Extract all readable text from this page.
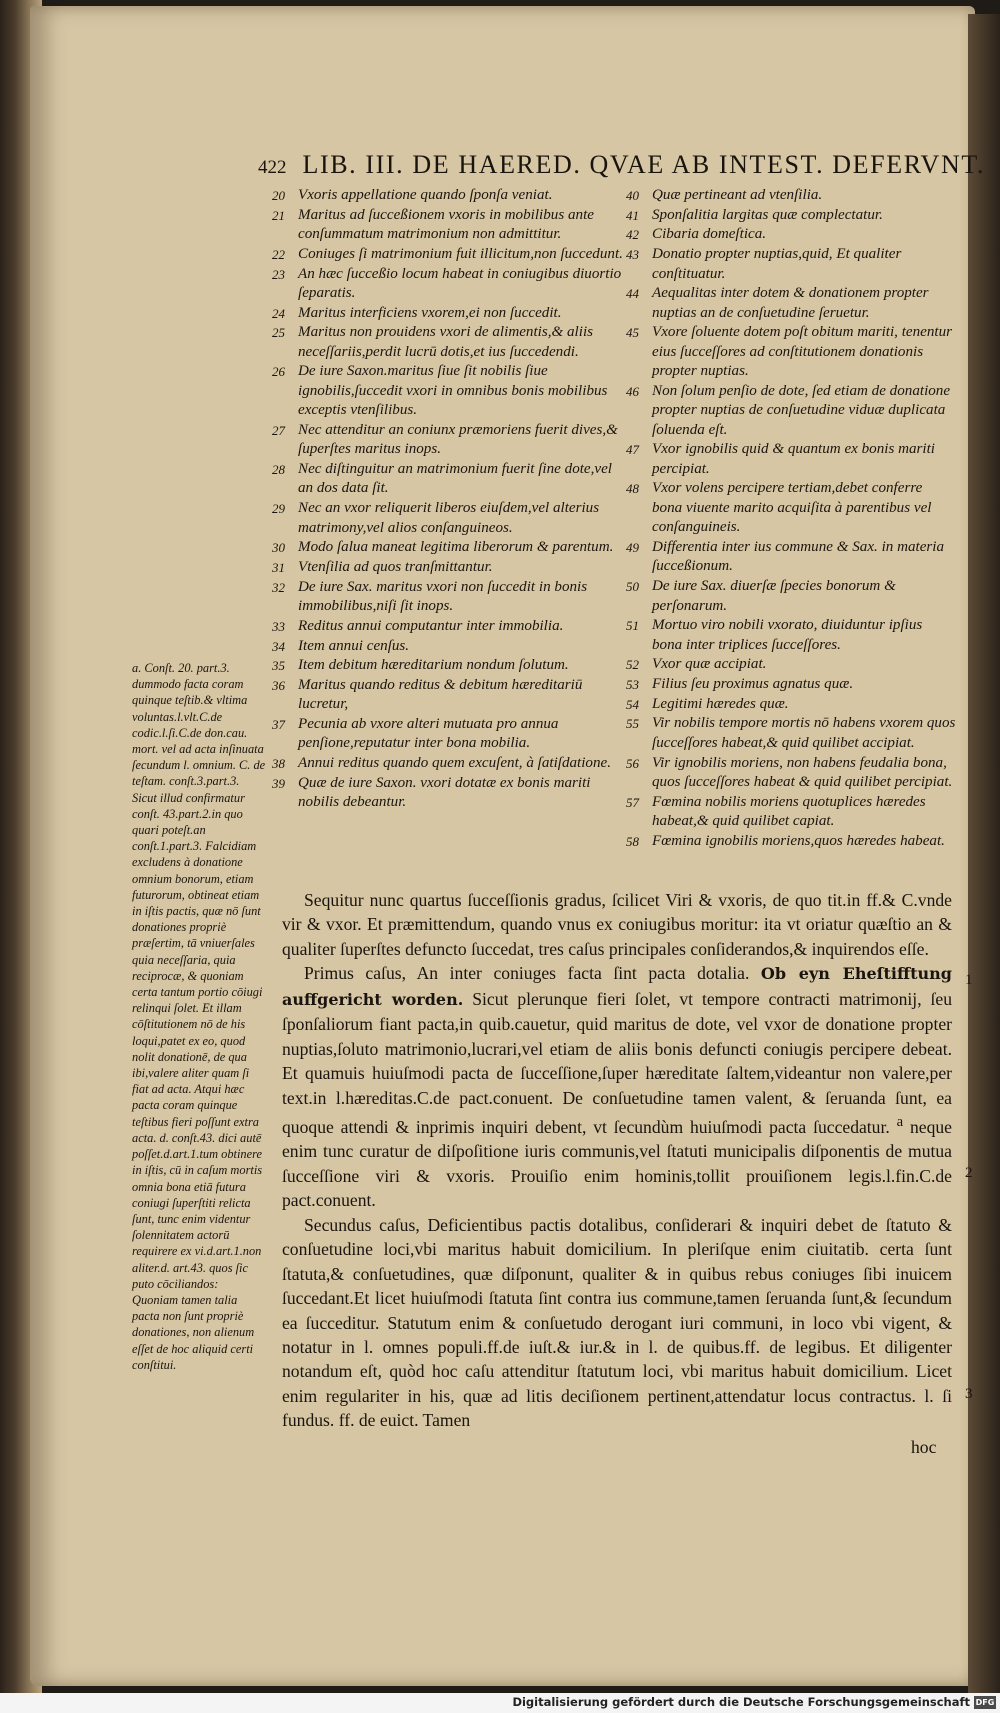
422 LIB. III. DE HAERED. QVAE AB INTEST. DEFERVNT.
20 Vxoris appellatione quando ſponſa veniat.
21 Maritus ad ſucceßionem vxoris in mobilibus ante conſummatum matrimonium non admittitur.
22 Coniuges ſi matrimonium fuit illicitum,non ſuccedunt.
23 An hæc ſucceßio locum habeat in coniugibus diuortio ſeparatis.
24 Maritus interficiens vxorem,ei non ſuccedit.
25 Maritus non prouidens vxori de alimentis,& aliis neceſſariis,perdit lucrū dotis,et ius ſuccedendi.
26 De iure Saxon.maritus ſiue ſit nobilis ſiue ignobilis,ſuccedit vxori in omnibus bonis mobilibus exceptis vtenſilibus.
27 Nec attenditur an coniunx præmoriens fuerit dives,& ſuperſtes maritus inops.
28 Nec diſtinguitur an matrimonium fuerit ſine dote,vel an dos data ſit.
29 Nec an vxor reliquerit liberos eiuſdem,vel alterius matrimony,vel alios conſanguineos.
30 Modo ſalua maneat legitima liberorum & parentum.
31 Vtenſilia ad quos tranſmittantur.
32 De iure Sax. maritus vxori non ſuccedit in bonis immobilibus,niſi ſit inops.
33 Reditus annui computantur inter immobilia.
34 Item annui cenſus.
35 Item debitum hæreditarium nondum ſolutum.
36 Maritus quando reditus & debitum hæreditariū lucretur,
37 Pecunia ab vxore alteri mutuata pro annua penſione,reputatur inter bona mobilia.
38 Annui reditus quando quem excuſent, à ſatiſdatione.
39 Quæ de iure Saxon. vxori dotatæ ex bonis mariti nobilis debeantur.
40 Quæ pertineant ad vtenſilia.
41 Sponſalitia largitas quæ complectatur.
42 Cibaria domeſtica.
43 Donatio propter nuptias,quid, Et qualiter conſtituatur.
44 Aequalitas inter dotem & donationem propter nuptias an de conſuetudine ſeruetur.
45 Vxore ſoluente dotem poſt obitum mariti, tenentur eius ſucceſſores ad conſtitutionem donationis propter nuptias.
46 Non ſolum penſio de dote, ſed etiam de donatione propter nuptias de conſuetudine viduæ duplicata ſoluenda eſt.
47 Vxor ignobilis quid & quantum ex bonis mariti percipiat.
48 Vxor volens percipere tertiam,debet conferre bona viuente marito acquiſita à parentibus vel conſanguineis.
49 Differentia inter ius commune & Sax. in materia ſucceßionum.
50 De iure Sax. diuerſæ ſpecies bonorum & perſonarum.
51 Mortuo viro nobili vxorato, diuiduntur ipſius bona inter triplices ſucceſſores.
52 Vxor quæ accipiat.
53 Filius ſeu proximus agnatus quæ.
54 Legitimi hæredes quæ.
55 Vir nobilis tempore mortis nō habens vxorem quos ſucceſſores habeat,& quid quilibet accipiat.
56 Vir ignobilis moriens, non habens feudalia bona, quos ſucceſſores habeat & quid quilibet percipiat.
57 Fœmina nobilis moriens quotuplices hæredes habeat,& quid quilibet capiat.
58 Fœmina ignobilis moriens,quos hæredes habeat.
a. Conſt. 20. part.3. dummodo facta coram quinque teſtib.& vltima voluntas.l.vlt.C.de codic.l.ſi.C.de don.cau. mort. vel ad acta inſinuata ſecundum l. omnium. C. de teſtam. conſt.3.part.3. Sicut illud confirmatur conſt. 43.part.2.in quo quari poteſt.an conſt.1.part.3. Falcidiam excludens à donatione omnium bonorum, etiam futurorum, obtineat etiam in iſtis pactis, quæ nō ſunt donationes propriè præſertim, tā vniuerſales quia neceſſaria, quia reciprocæ, & quoniam certa tantum portio cōiugi relinqui ſolet. Et illam cōſtitutionem nō de his loqui,patet ex eo, quod nolit donationē, de qua ibi,valere aliter quam ſi fiat ad acta. Atqui hæc pacta coram quinque teſtibus fieri poſſunt extra acta. d. conſt.43. dici autē poſſet.d.art.1.tum obtinere in iſtis, cū in caſum mortis omnia bona etiā futura coniugi ſuperſtiti relicta ſunt, tunc enim videntur ſolennitatem actorū requirere ex vi.d.art.1.non aliter.d. art.43. quos ſic puto cōciliandos: Quoniam tamen talia pacta non ſunt propriè donationes, non alienum eſſet de hoc aliquid certi conſtitui.

Sequitur nunc quartus ſucceſſionis gradus, ſcilicet Viri & vxoris, de quo tit.in ff.& C.vnde vir & vxor. Et præmittendum, quando vnus ex coniugibus moritur: ita vt oriatur quæſtio an & qualiter ſuperſtes defuncto ſuccedat, tres caſus principales conſiderandos,& inquirendos eſſe.

Primus caſus, An inter coniuges facta ſint pacta dotalia. Ob eyn Eheſtifftung auffgericht worden. Sicut plerunque fieri ſolet, vt tempore contracti matrimonij, ſeu ſponſaliorum fiant pacta,in quib.cauetur, quid maritus de dote, vel vxor de donatione propter nuptias,ſoluto matrimonio,lucrari,vel etiam de aliis bonis defuncti coniugis percipere debeat. Et quamuis huiuſmodi pacta de ſucceſſione,ſuper hæreditate ſaltem,videantur non valere,per text.in l.hæreditas.C.de pact.conuent. De conſuetudine tamen valent, & ſeruanda ſunt, ea quoque attendi & inprimis inquiri debent, vt ſecundùm huiuſmodi pacta ſuccedatur. $^a$ neque enim tunc curatur de diſpoſitione iuris communis,vel ſtatuti municipalis diſponentis de mutua ſucceſſione viri & vxoris. Prouiſio enim hominis,tollit prouiſionem legis.l.fin.C.de pact.conuent.

Secundus caſus, Deficientibus pactis dotalibus, conſiderari & inquiri debet de ſtatuto & conſuetudine loci,vbi maritus habuit domicilium. In pleriſque enim ciuitatib. certa ſunt ſtatuta,& conſuetudines, quæ diſponunt, qualiter & in quibus rebus coniuges ſibi inuicem ſuccedant.Et licet huiuſmodi ſtatuta ſint contra ius commune,tamen ſeruanda ſunt,& ſecundum ea ſucceditur. Statutum enim & conſuetudo derogant iuri communi, in loco vbi vigent, & notatur in l. omnes populi.ff.de iuſt.& iur.& in l. de quibus.ff. de legibus. Et diligenter notandum eſt, quòd hoc caſu attenditur ſtatutum loci, vbi maritus habuit domicilium. Licet enim regulariter in his, quæ ad litis deciſionem pertinent,attendatur locus contractus. l. ſi fundus. ff. de euict. Tamen

1
2
3
hoc
Digitalisierung gefördert durch die Deutsche Forschungsgemeinschaft DFG
